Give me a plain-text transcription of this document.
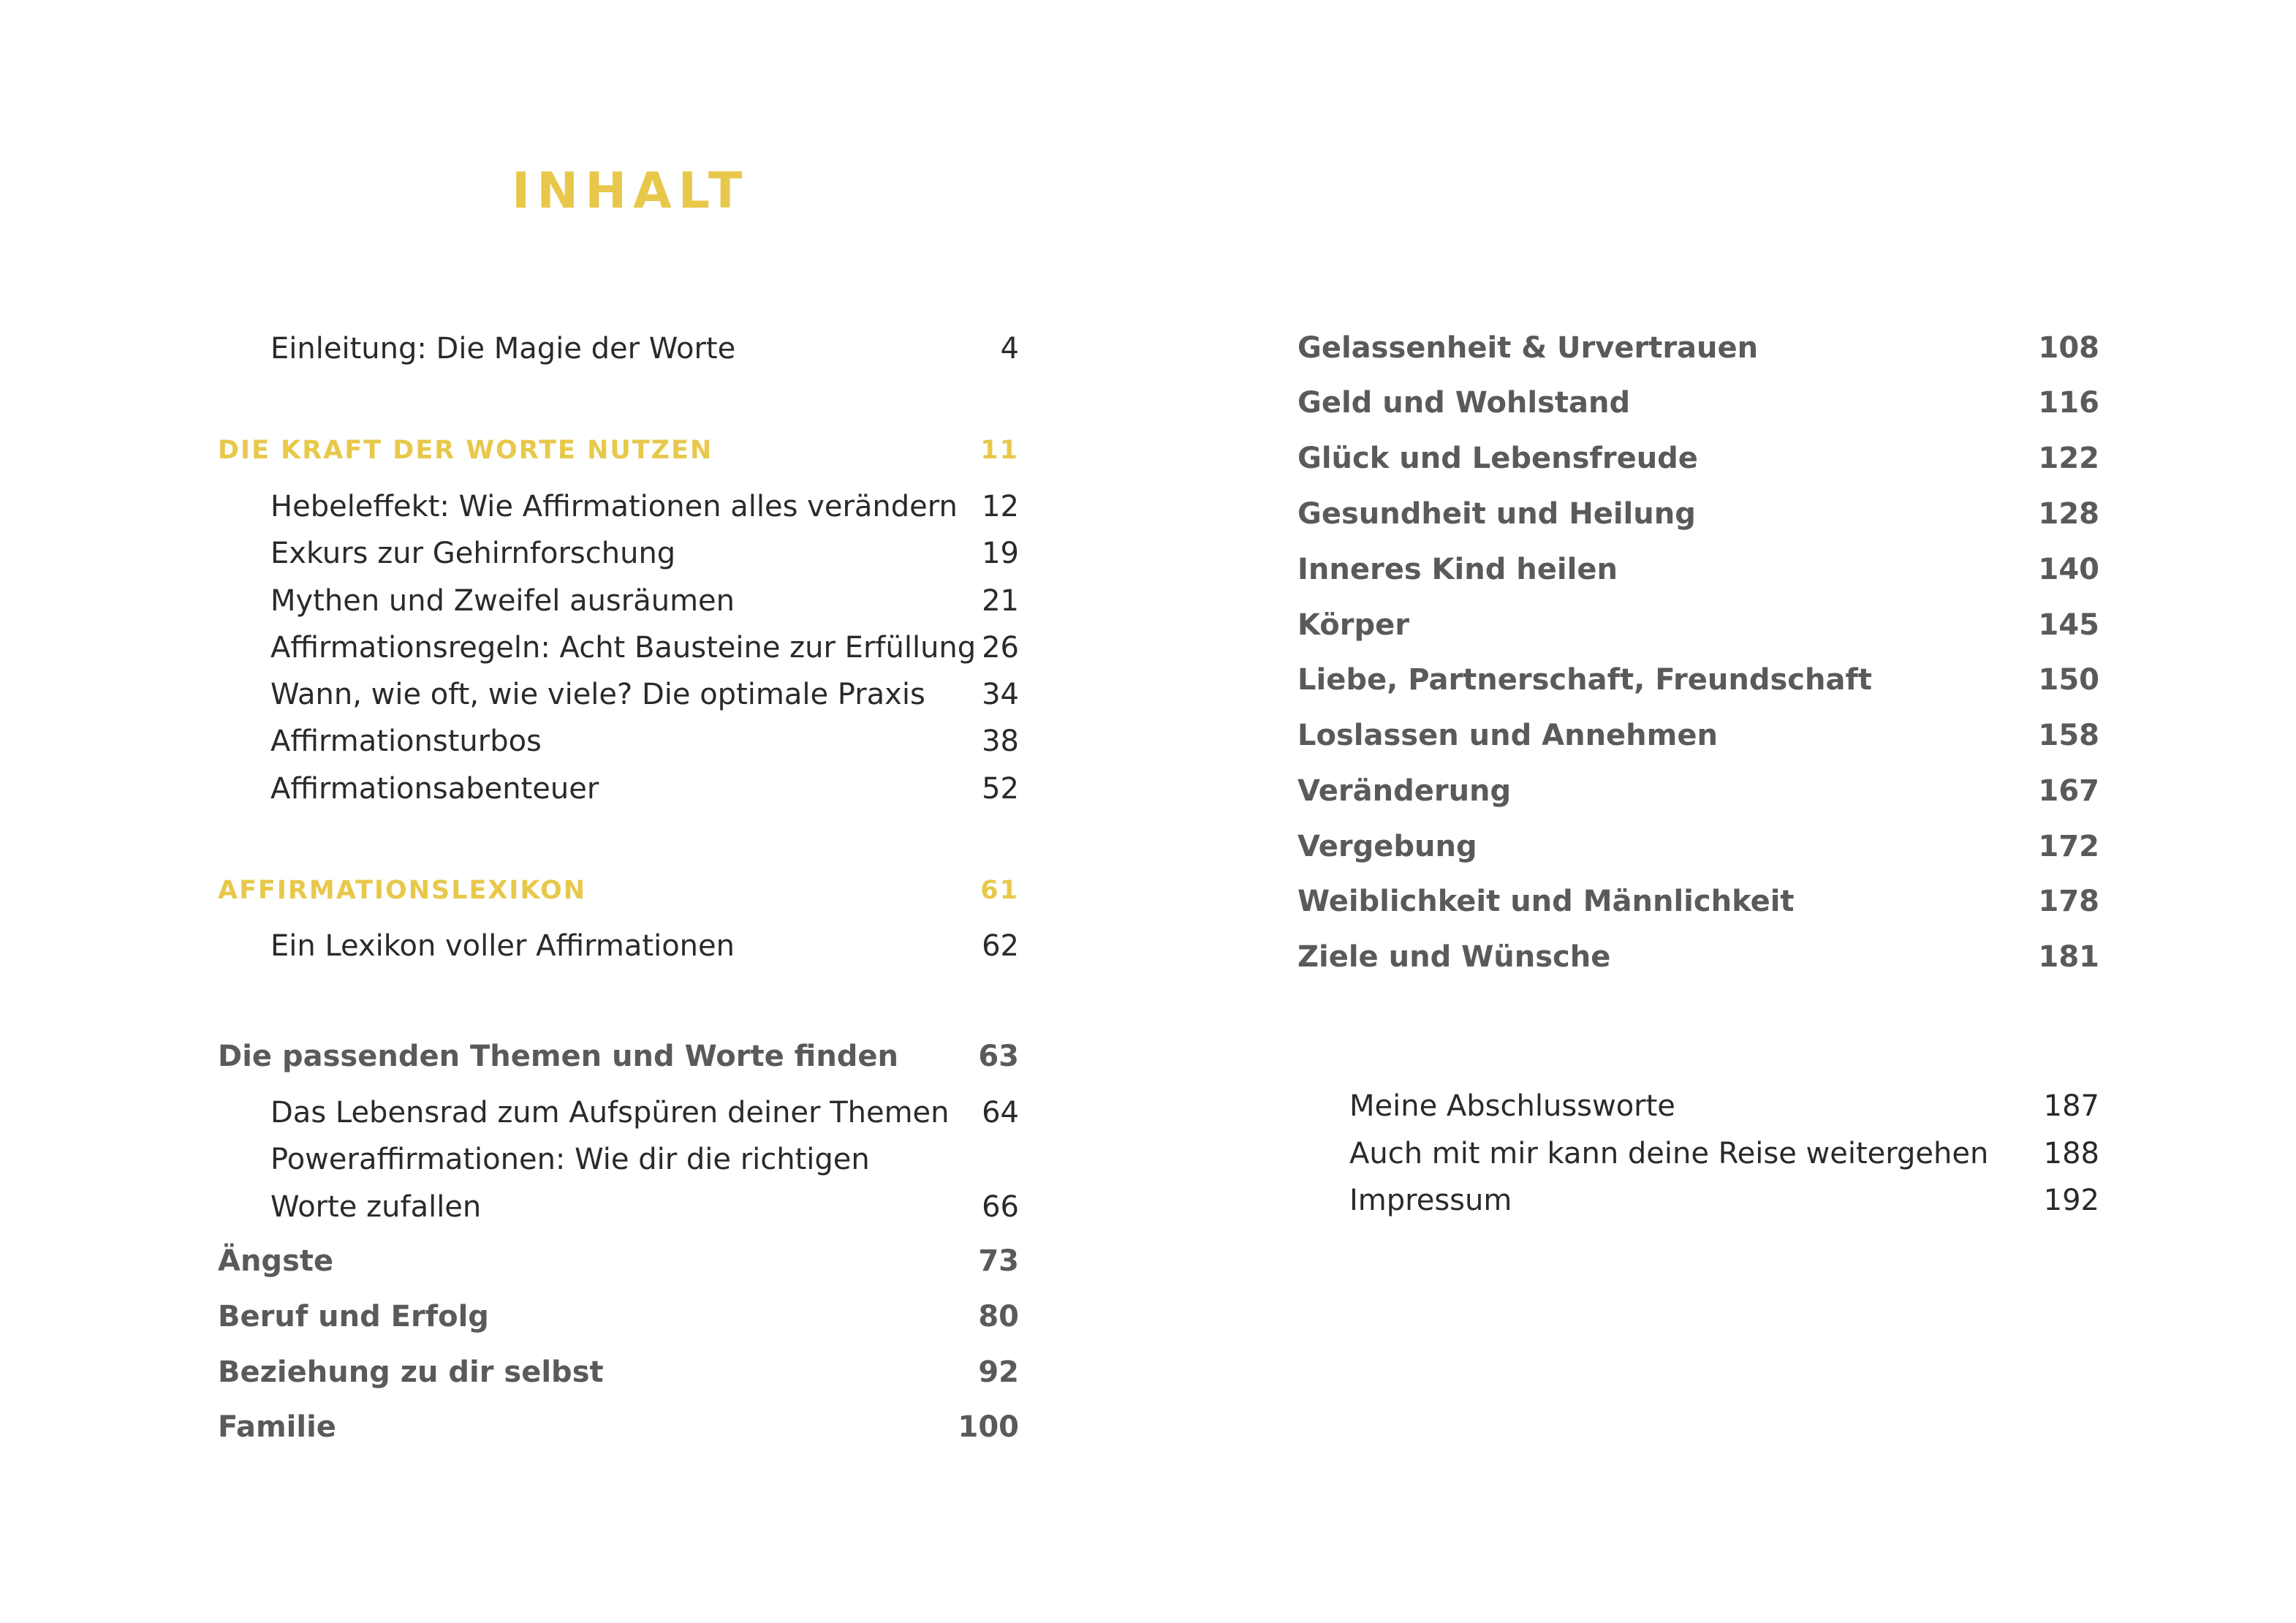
INHALT
Einleitung: Die Magie der Worte	4
DIE KRAFT DER WORTE NUTZEN	11
Hebeleffekt: Wie Affirmationen alles verändern 12
Exkurs zur Gehirnforschung	19
Mythen und Zweifel ausräumen	21
Affirmationsregeln: Acht Bausteine zur Erfüllung 26
Wann, wie oft, wie viele? Die optimale Praxis 34
Affirmationsturbos	38
Affirmationsabenteuer	52
AFFIRMATIONSLEXIKON	61
Ein Lexikon voller Affirmationen	62
Die passenden Themen und Worte finden	63
Das Lebensrad zum Aufspüren deiner Themen 64
Poweraffirmationen: Wie dir die richtigen
Worte zufallen	66
Ängste	73
Beruf und Erfolg	80
Beziehung zu dir selbst	92
Familie	100
Gelassenheit & Urvertrauen	108
Geld und Wohlstand	116
Glück und Lebensfreude	122
Gesundheit und Heilung	128
Inneres Kind heilen	140
Körper	145
Liebe, Partnerschaft, Freundschaft	150
Loslassen und Annehmen	158
Veränderung	167
Vergebung	172
Weiblichkeit und Männlichkeit	178
Ziele und Wünsche	181
Meine Abschlussworte	187
Auch mit mir kann deine Reise weitergehen 188
Impressum	192
